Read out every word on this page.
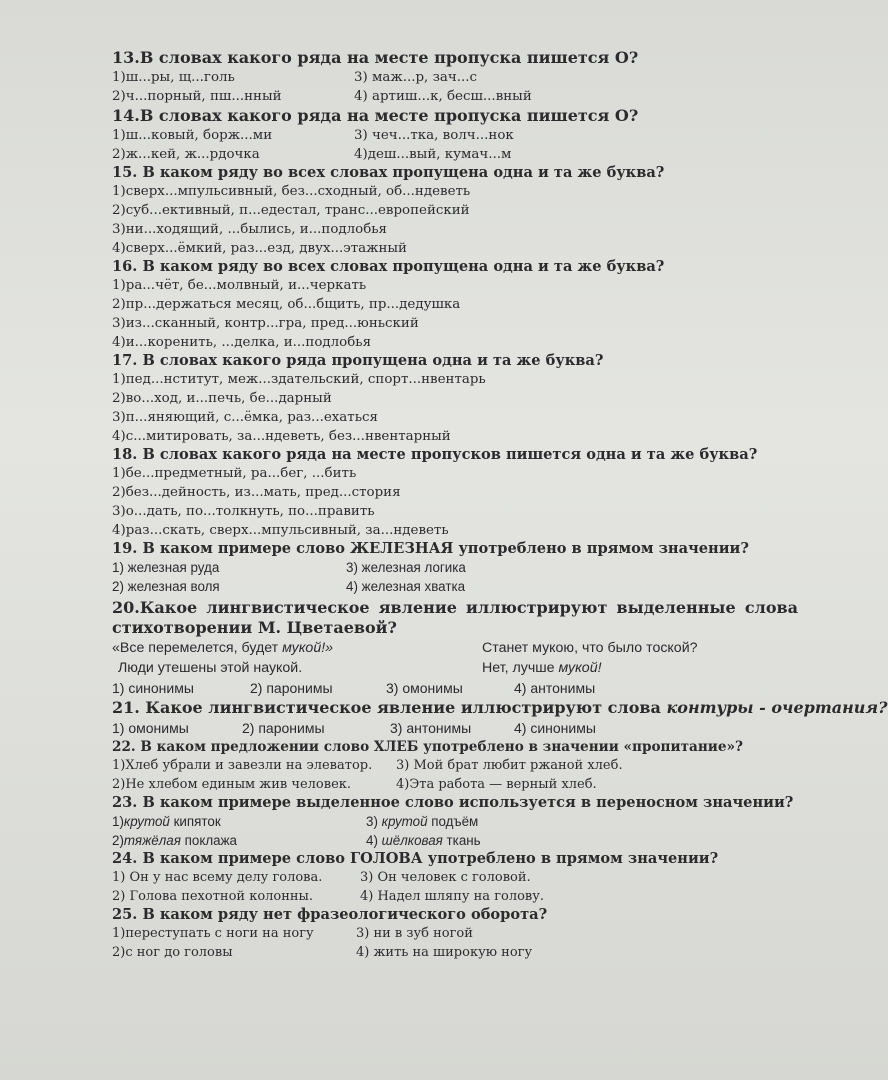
13.В словах какого ряда на месте пропуска пишется О?

1)ш...ры, щ...голь	3) маж...р, зач...с
2)ч...порный, пш...нный	4) артиш...к, бесш...вный

14.В словах какого ряда на месте пропуска пишется О?

1)ш...ковый, борж...ми	3) чеч...тка, волч...нок
2)ж...кей, ж...рдочка	4)деш...вый, кумач...м

15. В каком ряду во всех словах пропущена одна и та же буква?

1)сверх...мпульсивный, без...сходный, об...ндеветь
2)суб...ективный, п...едестал, транс...европейский
3)ни...ходящий, ...былись, и...подлобья
4)сверх...ёмкий, раз...езд, двух...этажный

16. В каком ряду во всех словах пропущена одна и та же буква?

1)ра...чёт, бе...молвный, и...черкать
2)пр...держаться месяц, об...бщить, пр...дедушка
3)из...сканный, контр...гра, пред...юньский
4)и...коренить, ...делка, и...подлобья

17. В словах какого ряда пропущена одна и та же буква?

1)пед...нститут, меж...здательский, спорт...нвентарь
2)во...ход, и...печь, бе...дарный
3)п...яняющий, с...ёмка, раз...ехаться
4)с...митировать, за...ндеветь, без...нвентарный

18. В словах какого ряда на месте пропусков пишется одна и та же буква?

1)бе...предметный, ра...бег, ...бить
2)без...дейность, из...мать, пред...стория
3)о...дать, по...толкнуть, по...править
4)раз...скать, сверх...мпульсивный, за...ндеветь

19. В каком примере слово ЖЕЛЕЗНАЯ употреблено в прямом значении?

1) железная руда	3) железная логика
2) железная воля	4) железная хватка

20.Какое лингвистическое явление иллюстрируют выделенные слова стихотворении М. Цветаевой?

«Все перемелется, будет мукой!»	Станет мукою, что было тоской?
Люди утешены этой наукой.	Нет, лучше мукой!
1) синонимы	2) паронимы	3) омонимы	4) антонимы

21. Какое лингвистическое явление иллюстрируют слова контуры - очертания?

1) омонимы	2) паронимы	3) антонимы	4) синонимы

22. В каком предложении слово ХЛЕБ употреблено в значении «пропитание»?

1)Хлеб убрали и завезли на элеватор. 3) Мой брат любит ржаной хлеб.
2)Не хлебом единым жив человек.	4)Эта работа — верный хлеб.

23. В каком примере выделенное слово используется в переносном значении?

1)крутой кипяток	3) крутой подъём
2)тяжёлая поклажа	4) шёлковая ткань

24. В каком примере слово ГОЛОВА употреблено в прямом значении?

1) Он у нас всему делу голова.	3) Он человек с головой.
2) Голова пехотной колонны.	4) Надел шляпу на голову.

25. В каком ряду нет фразеологического оборота?

1)переступать с ноги на ногу	3) ни в зуб ногой
2)с ног до головы	4) жить на широкую ногу
